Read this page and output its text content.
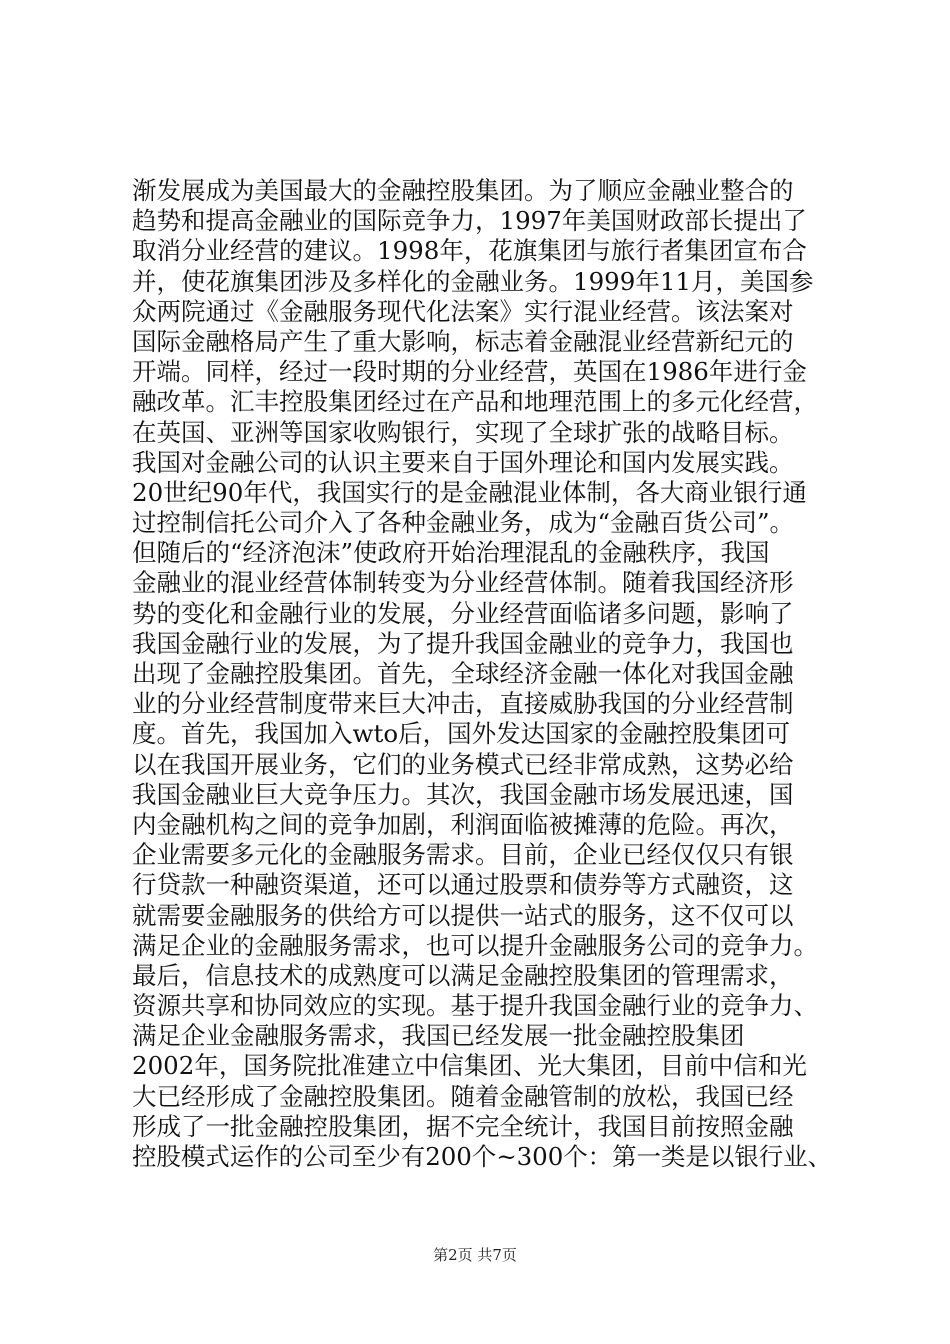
渐发展成为美国最大的金融控股集团。为了顺应金融业整合的
趋势和提高金融业的国际竞争力，1997年美国财政部长提出了
取消分业经营的建议。1998年，花旗集团与旅行者集团宣布合
并，使花旗集团涉及多样化的金融业务。1999年11月，美国参
众两院通过《金融服务现代化法案》实行混业经营。该法案对
国际金融格局产生了重大影响，标志着金融混业经营新纪元的
开端。同样，经过一段时期的分业经营，英国在1986年进行金
融改革。汇丰控股集团经过在产品和地理范围上的多元化经营，
在英国、亚洲等国家收购银行，实现了全球扩张的战略目标。
我国对金融公司的认识主要来自于国外理论和国内发展实践。
20世纪90年代，我国实行的是金融混业体制，各大商业银行通
过控制信托公司介入了各种金融业务，成为“金融百货公司”。
但随后的“经济泡沫”使政府开始治理混乱的金融秩序，我国
金融业的混业经营体制转变为分业经营体制。随着我国经济形
势的变化和金融行业的发展，分业经营面临诸多问题，影响了
我国金融行业的发展，为了提升我国金融业的竞争力，我国也
出现了金融控股集团。首先，全球经济金融一体化对我国金融
业的分业经营制度带来巨大冲击，直接威胁我国的分业经营制
度。首先，我国加入wto后，国外发达国家的金融控股集团可
以在我国开展业务，它们的业务模式已经非常成熟，这势必给
我国金融业巨大竞争压力。其次，我国金融市场发展迅速，国
内金融机构之间的竞争加剧，利润面临被摊薄的危险。再次，
企业需要多元化的金融服务需求。目前，企业已经仅仅只有银
行贷款一种融资渠道，还可以通过股票和债券等方式融资，这
就需要金融服务的供给方可以提供一站式的服务，这不仅可以
满足企业的金融服务需求，也可以提升金融服务公司的竞争力。
最后，信息技术的成熟度可以满足金融控股集团的管理需求，
资源共享和协同效应的实现。基于提升我国金融行业的竞争力、
满足企业金融服务需求，我国已经发展一批金融控股集团
2002年，国务院批准建立中信集团、光大集团，目前中信和光
大已经形成了金融控股集团。随着金融管制的放松，我国已经
形成了一批金融控股集团，据不完全统计，我国目前按照金融
控股模式运作的公司至少有200个~300个：第一类是以银行业、
第2页 共7页
